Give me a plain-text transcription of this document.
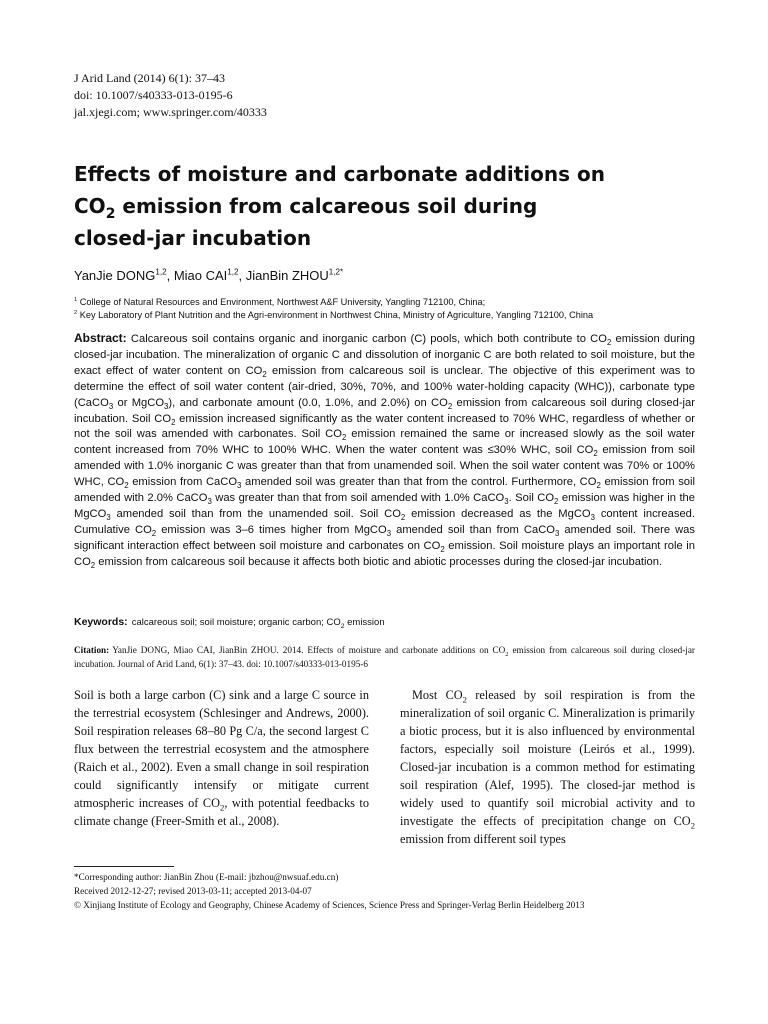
J Arid Land (2014) 6(1): 37–43
doi: 10.1007/s40333-013-0195-6
jal.xjegi.com; www.springer.com/40333
Effects of moisture and carbonate additions on
$CO_2$ emission from calcareous soil during
closed-jar incubation
YanJie DONG$^{1,2}$, Miao CAI$^{1,2}$, JianBin $ZHOU^{1,2*}$
$^1$ College of Natural Resources and Environment, Northwest A&F University, Yangling 712100, China;
$^2$ Key Laboratory of Plant Nutrition and the Agri-environment in Northwest China, Ministry of Agriculture, Yangling 712100, China

Abstract: Calcareous soil contains organic and inorganic carbon (C) pools, which both contribute to $CO_2$ emission during closed-jar incubation. The mineralization of organic C and dissolution of inorganic C are both related to soil moisture, but the exact effect of water content on $CO_2$ emission from calcareous soil is unclear. The objective of this experiment was to determine the effect of soil water content (air-dried, 30%, 70%, and 100% water-holding capacity (WHC)), carbonate type (CaCO$_3$ or MgCO$_3$), and carbonate amount (0.0, 1.0%, and 2.0%) on $CO_2$ emission from calcareous soil during closed-jar incubation. Soil $CO_2$ emission increased significantly as the water content increased to 70% WHC, regardless of whether or not the soil was amended with carbonates. Soil $CO_2$ emission remained the same or increased slowly as the soil water content increased from 70% WHC to 100% WHC. When the water content was ≤30% WHC, soil $CO_2$ emission from soil amended with 1.0% inorganic C was greater than that from unamended soil. When the soil water content was 70% or 100% WHC, $CO_2$ emission from CaCO$_3$ amended soil was greater than that from the control. Furthermore, $CO_2$ emission from soil amended with 2.0% CaCO$_3$ was greater than that from soil amended with 1.0% CaCO$_3$. Soil $CO_2$ emission was higher in the MgCO$_3$ amended soil than from the unamended soil. Soil $CO_2$ emission decreased as the MgCO$_3$ content increased. Cumulative $CO_2$ emission was 3–6 times higher from MgCO$_3$ amended soil than from CaCO$_3$ amended soil. There was significant interaction effect between soil moisture and carbonates on $CO_2$ emission. Soil moisture plays an important role in $CO_2$ emission from calcareous soil because it affects both biotic and abiotic processes during the closed-jar incubation.

Keywords: calcareous soil; soil moisture; organic carbon; $CO_2$ emission

Citation: YanJie DONG, Miao CAI, JianBin ZHOU. 2014. Effects of moisture and carbonate additions on $CO_2$ emission from calcareous soil during closed-jar incubation. Journal of Arid Land, 6(1): 37–43. doi: 10.1007/s40333-013-0195-6

Soil is both a large carbon (C) sink and a large C source in the terrestrial ecosystem (Schlesinger and Andrews, 2000). Soil respiration releases 68–80 Pg C/a, the second largest C flux between the terrestrial ecosystem and the atmosphere (Raich et al., 2002). Even a small change in soil respiration could significantly intensify or mitigate current atmospheric increases of $CO_2$, with potential feedbacks to climate change (Freer-Smith et al., 2008).

Most $CO_2$ released by soil respiration is from the mineralization of soil organic C. Mineralization is primarily a biotic process, but it is also influenced by environmental factors, especially soil moisture (Leirós et al., 1999). Closed-jar incubation is a common method for estimating soil respiration (Alef, 1995). The closed-jar method is widely used to quantify soil microbial activity and to investigate the effects of precipitation change on $CO_2$ emission from different soil types

*Corresponding author: JianBin Zhou (E-mail: jbzhou@nwsuaf.edu.cn)
Received 2012-12-27; revised 2013-03-11; accepted 2013-04-07
© Xinjiang Institute of Ecology and Geography, Chinese Academy of Sciences, Science Press and Springer-Verlag Berlin Heidelberg 2013
